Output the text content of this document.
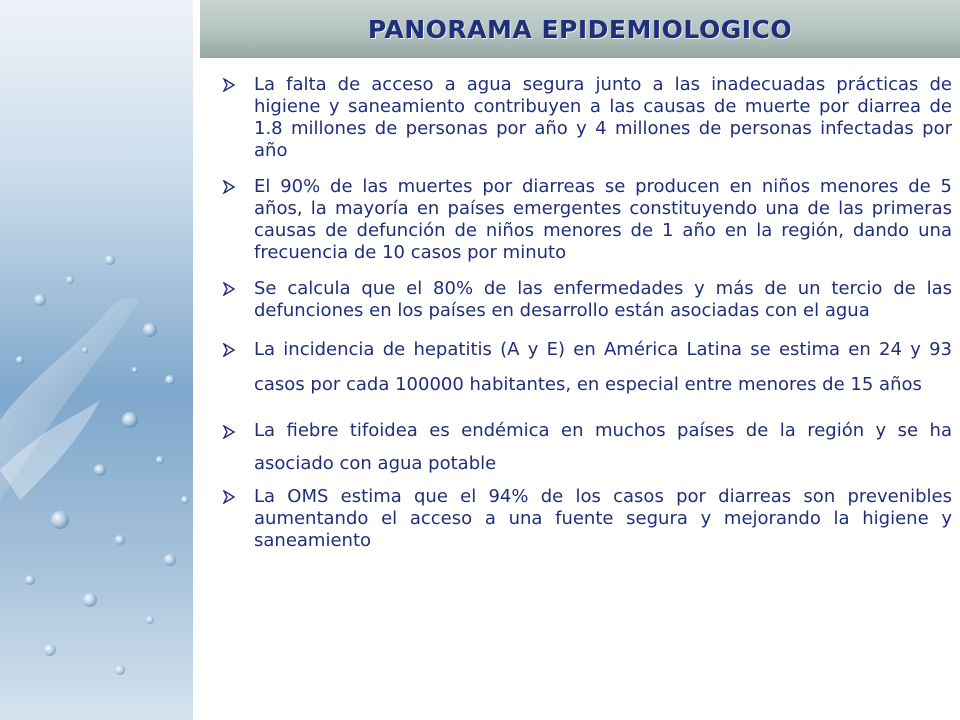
PANORAMA EPIDEMIOLOGICO
La falta de acceso a agua segura junto a las inadecuadas prácticas de higiene y saneamiento contribuyen a las causas de muerte por diarrea de 1.8 millones de personas por año y 4 millones de personas infectadas por año
El 90% de las muertes por diarreas se producen en niños menores de 5 años, la mayoría en países emergentes constituyendo una de las primeras causas de defunción de niños menores de 1 año en la región, dando una frecuencia de 10 casos por minuto
Se calcula que el 80% de las enfermedades y más de un tercio de las defunciones en los países en desarrollo están asociadas con el agua
La incidencia de hepatitis (A y E) en América Latina se estima en 24 y 93 casos por cada 100000 habitantes, en especial entre menores de 15 años
La fiebre tifoidea es endémica en muchos países de la región y se ha asociado con agua potable
La OMS estima que el 94% de los casos por diarreas son prevenibles aumentando el acceso a una fuente segura y mejorando la higiene y saneamiento
